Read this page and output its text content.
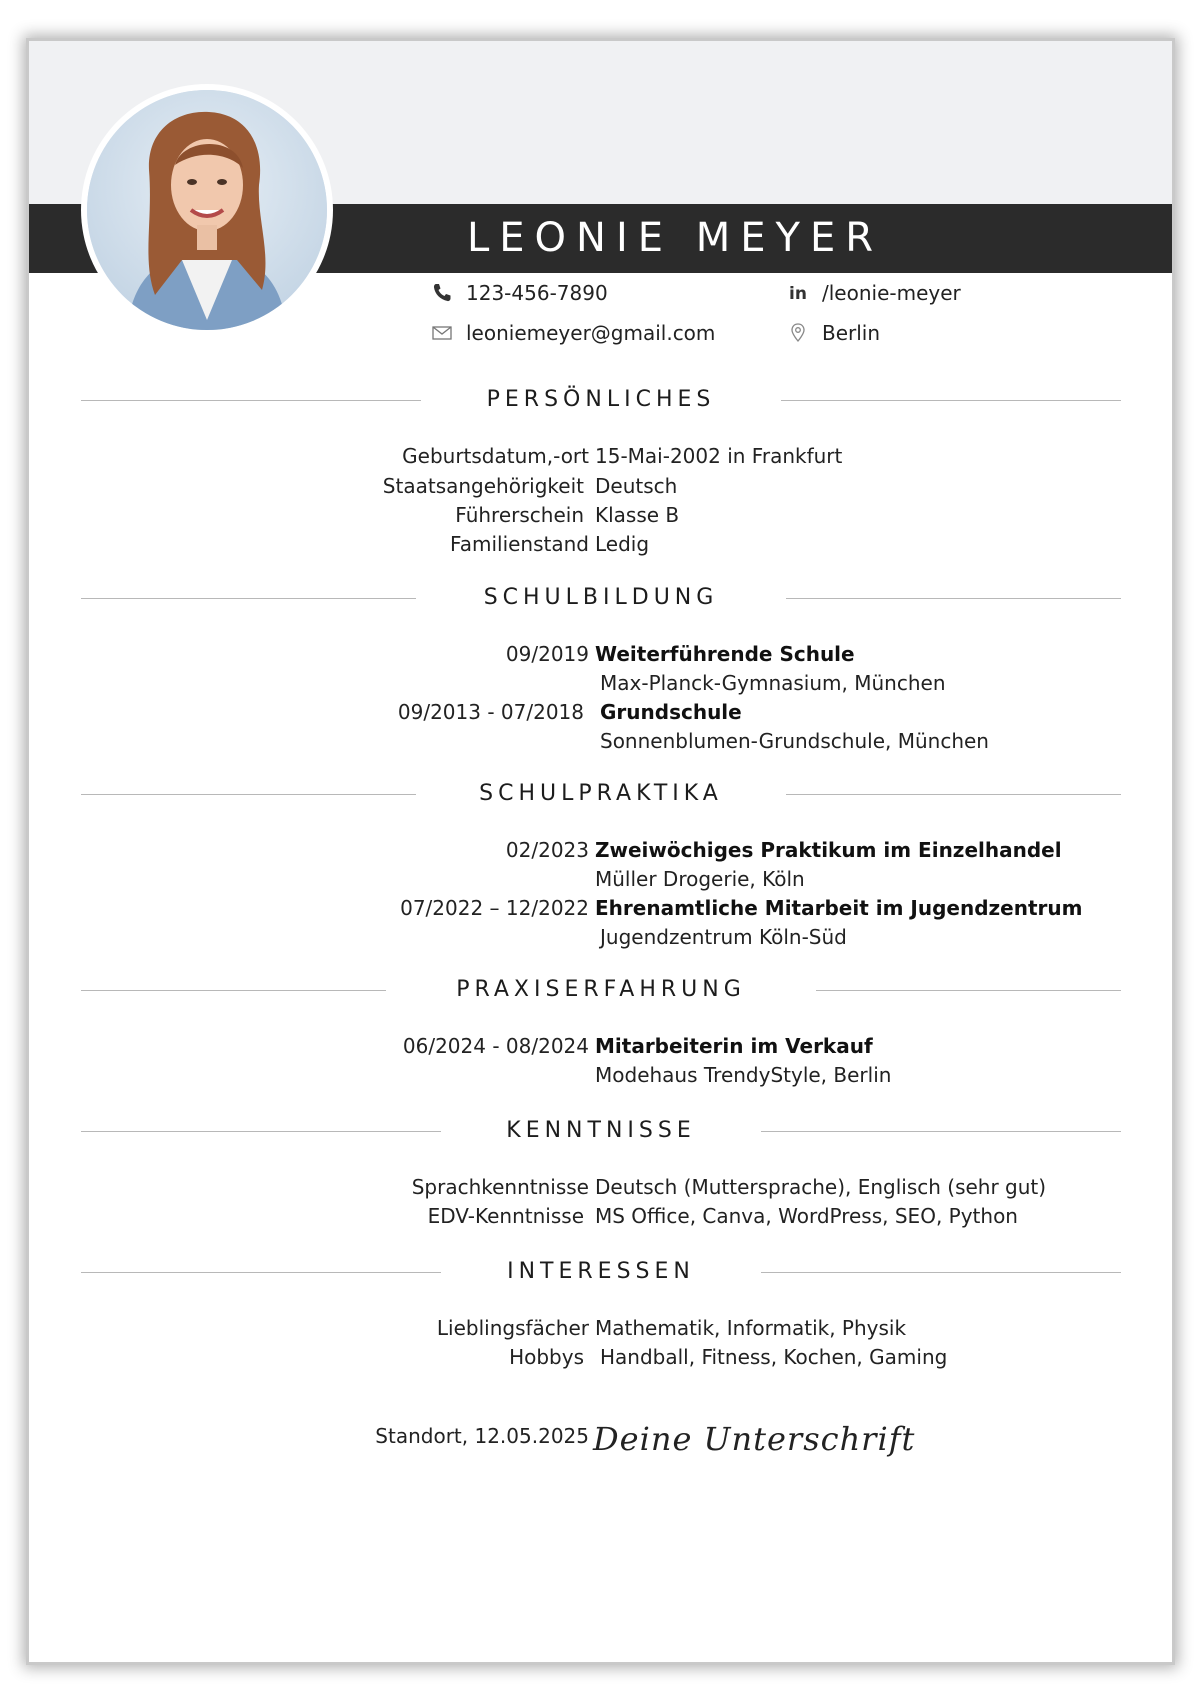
LEONIE MEYER
123-456-7890
leoniemeyer@gmail.com
in /leonie-meyer
Berlin
PERSÖNLICHES
Geburtsdatum,-ort 15-Mai-2002 in Frankfurt
Staatsangehörigkeit Deutsch
Führerschein Klasse B
Familienstand Ledig
SCHULBILDUNG
09/2019 Weiterführende Schule
Max-Planck-Gymnasium, München
09/2013 - 07/2018 Grundschule
Sonnenblumen-Grundschule, München
SCHULPRAKTIKA
02/2023 Zweiwöchiges Praktikum im Einzelhandel
Müller Drogerie, Köln
07/2022 – 12/2022 Ehrenamtliche Mitarbeit im Jugendzentrum
Jugendzentrum Köln-Süd
PRAXISERFAHRUNG
06/2024 - 08/2024 Mitarbeiterin im Verkauf
Modehaus TrendyStyle, Berlin
KENNTNISSE
Sprachkenntnisse Deutsch (Muttersprache), Englisch (sehr gut)
EDV-Kenntnisse MS Office, Canva, WordPress, SEO, Python
INTERESSEN
Lieblingsfächer Mathematik, Informatik, Physik
Hobbys Handball, Fitness, Kochen, Gaming
Standort, 12.05.2025 Deine Unterschrift
